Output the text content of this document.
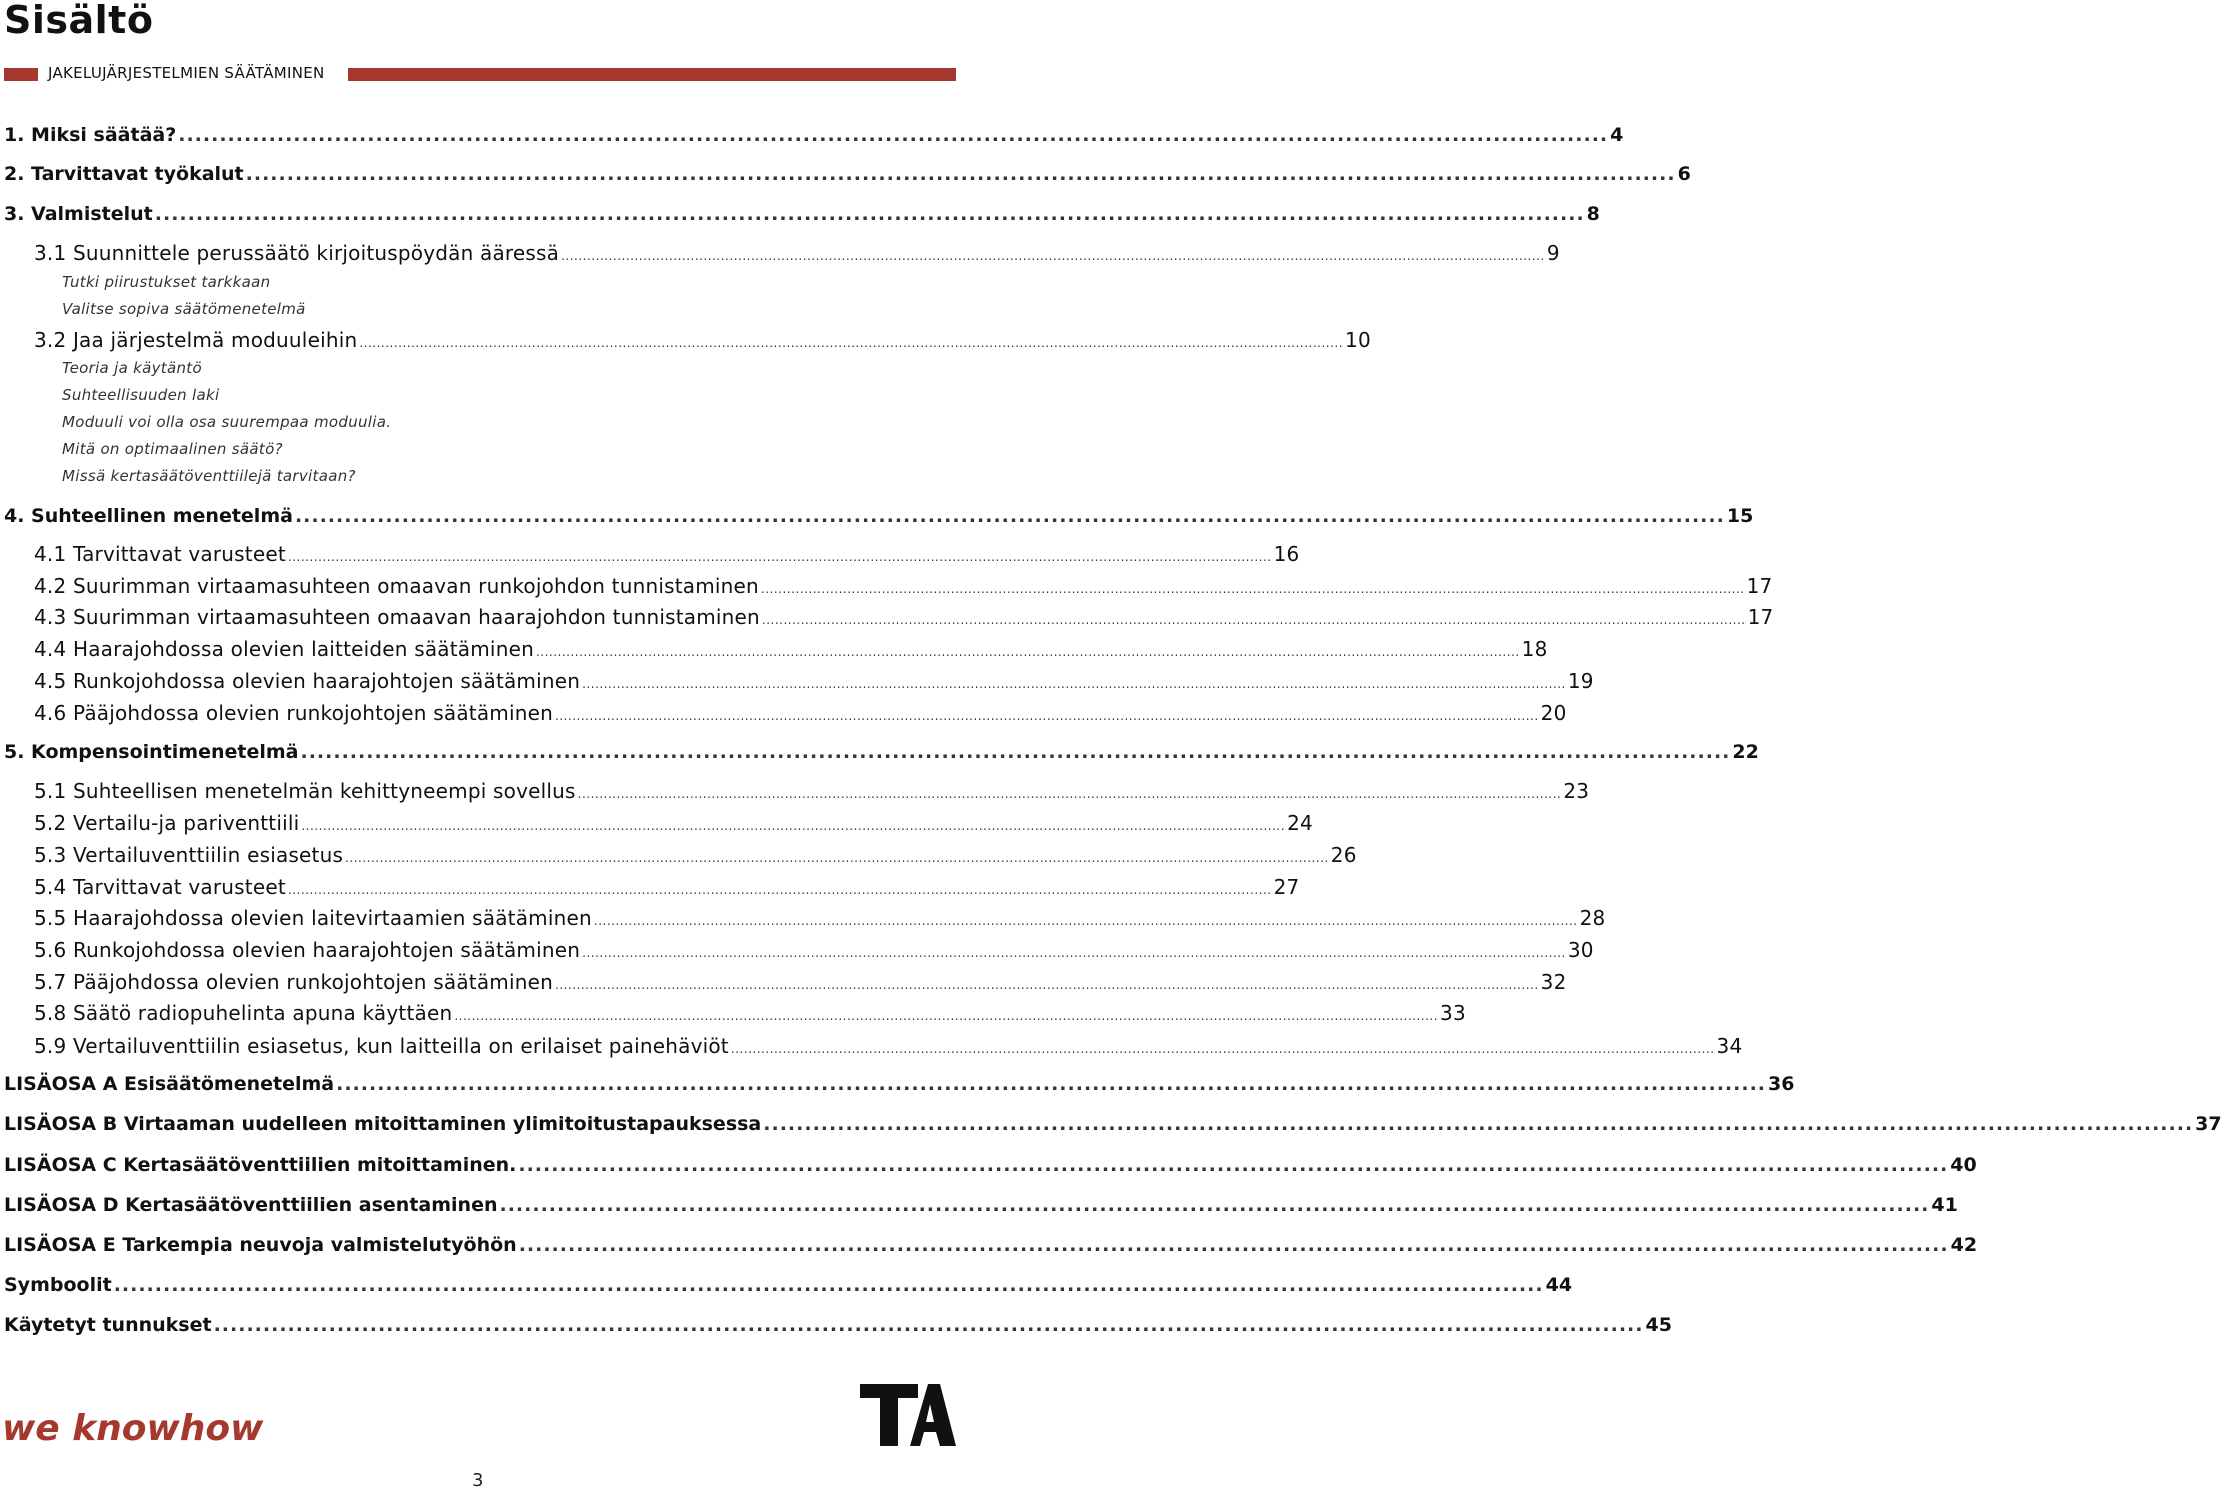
Sisältö
JAKELUJÄRJESTELMIEN SÄÄTÄMINEN
1. Miksi säätää? .............................................................................................................................................................................. 4
2. Tarvittavat työkalut .............................................................................................................................................................................. 6
3. Valmistelut .............................................................................................................................................................................. 8
3.1 Suunnittele perussäätö kirjoituspöydän ääressä .................................................................................................................................................................................................................................... 9
Tutki piirustukset tarkkaan
Valitse sopiva säätömenetelmä
3.2 Jaa järjestelmä moduuleihin .................................................................................................................................................................................................................................... 10
Teoria ja käytäntö
Suhteellisuuden laki
Moduuli voi olla osa suurempaa moduulia.
Mitä on optimaalinen säätö?
Missä kertasäätöventtiilejä tarvitaan?
4. Suhteellinen menetelmä .............................................................................................................................................................................. 15
4.1 Tarvittavat varusteet .................................................................................................................................................................................................................................... 16
4.2 Suurimman virtaamasuhteen omaavan runkojohdon tunnistaminen .................................................................................................................................................................................................................................... 17
4.3 Suurimman virtaamasuhteen omaavan haarajohdon tunnistaminen .................................................................................................................................................................................................................................... 17
4.4 Haarajohdossa olevien laitteiden säätäminen .................................................................................................................................................................................................................................... 18
4.5 Runkojohdossa olevien haarajohtojen säätäminen .................................................................................................................................................................................................................................... 19
4.6 Pääjohdossa olevien runkojohtojen säätäminen .................................................................................................................................................................................................................................... 20
5. Kompensointimenetelmä .............................................................................................................................................................................. 22
5.1 Suhteellisen menetelmän kehittyneempi sovellus .................................................................................................................................................................................................................................... 23
5.2 Vertailu-ja pariventtiili .................................................................................................................................................................................................................................... 24
5.3 Vertailuventtiilin esiasetus .................................................................................................................................................................................................................................... 26
5.4 Tarvittavat varusteet .................................................................................................................................................................................................................................... 27
5.5 Haarajohdossa olevien laitevirtaamien säätäminen .................................................................................................................................................................................................................................... 28
5.6 Runkojohdossa olevien haarajohtojen säätäminen .................................................................................................................................................................................................................................... 30
5.7 Pääjohdossa olevien runkojohtojen säätäminen .................................................................................................................................................................................................................................... 32
5.8 Säätö radiopuhelinta apuna käyttäen .................................................................................................................................................................................................................................... 33
5.9 Vertailuventtiilin esiasetus, kun laitteilla on erilaiset painehäviöt .................................................................................................................................................................................................................................... 34
LISÄOSA A Esisäätömenetelmä .............................................................................................................................................................................. 36
LISÄOSA B Virtaaman uudelleen mitoittaminen ylimitoitustapauksessa .............................................................................................................................................................................. 37
LISÄOSA C Kertasäätöventtiilien mitoittaminen. .............................................................................................................................................................................. 40
LISÄOSA D Kertasäätöventtiilien asentaminen .............................................................................................................................................................................. 41
LISÄOSA E Tarkempia neuvoja valmistelutyöhön .............................................................................................................................................................................. 42
Symboolit .............................................................................................................................................................................. 44
Käytetyt tunnukset .............................................................................................................................................................................. 45
we knowhow
3
